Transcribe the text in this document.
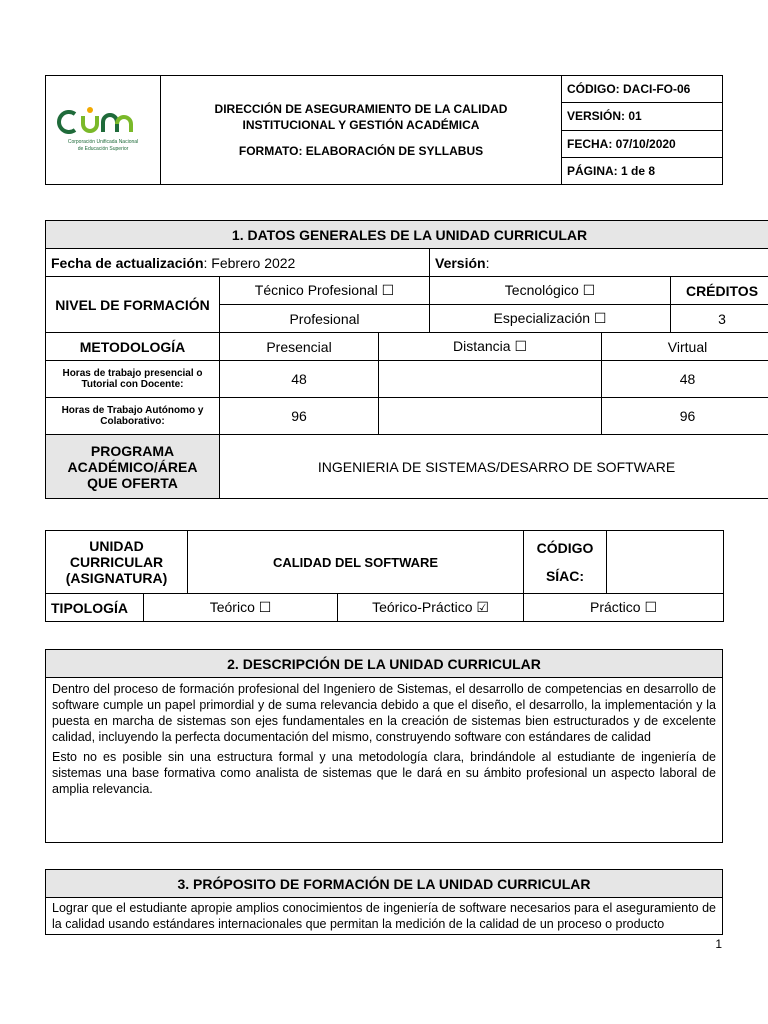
Corporación Unificada Nacional
de Educación Superior

DIRECCIÓN DE ASEGURAMIENTO DE LA CALIDAD
INSTITUCIONAL Y GESTIÓN ACADÉMICA
FORMATO: ELABORACIÓN DE SYLLABUS
	CÓDIGO: DACI-FO-06
VERSIÓN: 01
FECHA: 07/10/2020
PÁGINA: 1 de 8
1. DATOS GENERALES DE LA UNIDAD CURRICULAR					
Fecha de actualización: Febrero 2022			Versión:		
NIVEL DE FORMACIÓN	Técnico Profesional ☐		Tecnológico ☐		CRÉDITOS
	Profesional		Especialización ☐		3
METODOLOGÍA	Presencial	Distancia ☐		Virtual	
Horas de trabajo presencial o Tutorial con Docente:	48			48	
Horas de Trabajo Autónomo y Colaborativo:	96			96	
PROGRAMA ACADÉMICO/ÁREA QUE OFERTA	INGENIERIA DE SISTEMAS/DESARRO DE SOFTWARE				
UNIDAD CURRICULAR (ASIGNATURA)		CALIDAD DEL SOFTWARE		CÓDIGO
SÍAC:	

TIPOLOGÍA	Teórico ☐		Teórico-Práctico ☑	Práctico ☐	
2. DESCRIPCIÓN DE LA UNIDAD CURRICULAR

Dentro del proceso de formación profesional del Ingeniero de Sistemas, el desarrollo de competencias en desarrollo de software cumple un papel primordial y de suma relevancia debido a que el diseño, el desarrollo, la implementación y la puesta en marcha de sistemas son ejes fundamentales en la creación de sistemas bien estructurados y de excelente calidad, incluyendo la perfecta documentación del mismo, construyendo software con estándares de calidad

Esto no es posible sin una estructura formal y una metodología clara, brindándole al estudiante de ingeniería de sistemas una base formativa como analista de sistemas que le dará en su ámbito profesional un aspecto laboral de amplia relevancia.

3. PRÓPOSITO DE FORMACIÓN DE LA UNIDAD CURRICULAR

Lograr que el estudiante apropie amplios conocimientos de ingeniería de software necesarios para el aseguramiento de la calidad usando estándares internacionales que permitan la medición de la calidad de un proceso o producto

1
